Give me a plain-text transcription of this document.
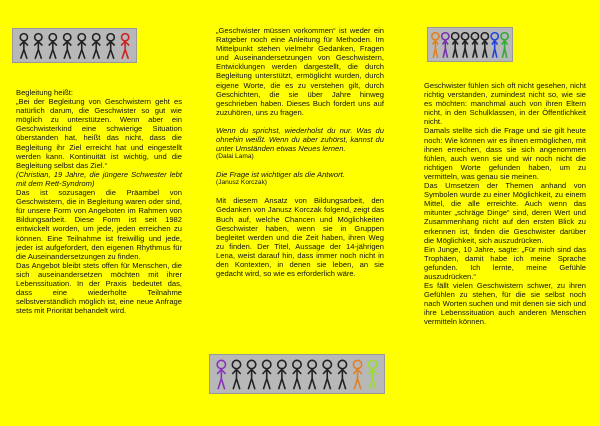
Begleitung heißt:

„Bei der Begleitung von Geschwistern geht es natürlich darum, die Geschwister so gut wie möglich zu unterstützen. Wenn aber ein Geschwisterkind eine schwierige Situation überstanden hat, heißt das nicht, dass die Begleitung ihr Ziel erreicht hat und eingestellt werden kann. Kontinuität ist wichtig, und die Begleitung selbst das Ziel.“

(Christian, 19 Jahre, die jüngere Schwester lebt mit dem Rett-Syndrom)

Das ist sozusagen die Präambel von Geschwistern, die in Begleitung waren oder sind, für unsere Form von Angeboten im Rahmen von Bildungsarbeit. Diese Form ist seit 1982 entwickelt worden, um jede, jeden erreichen zu können. Eine Teilnahme ist freiwillig und jede, jeder ist aufgefordert, den eigenen Rhythmus für die Auseinandersetzungen zu finden.

Das Angebot bleibt stets offen für Menschen, die sich auseinandersetzen möchten mit ihrer Lebenssituation. In der Praxis bedeutet das, dass eine wiederholte Teilnahme selbstverständlich möglich ist, eine neue Anfrage stets mit Priorität behandelt wird.

„Geschwister müssen vorkommen“ ist weder ein Ratgeber noch eine Anleitung für Methoden. Im Mittelpunkt stehen vielmehr Gedanken, Fragen und Auseinandersetzungen von Geschwistern, Entwicklungen werden dargestellt, die durch Begleitung unterstützt, ermöglicht wurden, durch eigene Worte, die es zu verstehen gilt, durch Geschichten, die sie über Jahre hinweg geschrieben haben. Dieses Buch fordert uns auf zuzuhören, uns zu fragen.

Wenn du sprichst, wiederholst du nur. Was du ohnehin weißt. Wenn du aber zuhörst, kannst du unter Umständen etwas Neues lernen.

(Dalai Lama)

Die Frage ist wichtiger als die Antwort.

(Janusz Korczak)

Mit diesem Ansatz von Bildungsarbeit, den Gedanken von Janusz Korczak folgend, zeigt das Buch auf, welche Chancen und Möglichkeiten Geschwister haben, wenn sie in Gruppen begleitet werden und die Zeit haben, ihren Weg zu finden. Der Titel, Aussage der 14-jährigen Lena, weist darauf hin, dass immer noch nicht in den Kontexten, in denen sie leben, an sie gedacht wird, so wie es erforderlich wäre.

Geschwister fühlen sich oft nicht gesehen, nicht richtig verstanden, zumindest nicht so, wie sie es möchten: manchmal auch von ihren Eltern nicht, in den Schulklassen, in der Öffentlichkeit nicht.

Damals stellte sich die Frage und sie gilt heute noch: Wie können wir es ihnen ermöglichen, mit ihnen erreichen, dass sie sich angenommen fühlen, auch wenn sie und wir noch nicht die richtigen Worte gefunden haben, um zu vermitteln, was genau sie meinen.

Das Umsetzen der Themen anhand von Symbolen wurde zu einer Möglichkeit, zu einem Mittel, die alle erreichte. Auch wenn das mitunter „schräge Dinge“ sind, deren Wert und Zusammenhang nicht auf den ersten Blick zu erkennen ist, finden die Geschwister darüber die Möglichkeit, sich auszudrücken.

Ein Junge, 10 Jahre, sagte: „Für mich sind das Trophäen, damit habe ich meine Sprache gefunden. Ich lernte, meine Gefühle auszudrücken.“

Es fällt vielen Geschwistern schwer, zu ihren Gefühlen zu stehen, für die sie selbst noch nach Worten suchen und mit denen sie sich und ihre Lebenssituation auch anderen Menschen vermitteln können.
